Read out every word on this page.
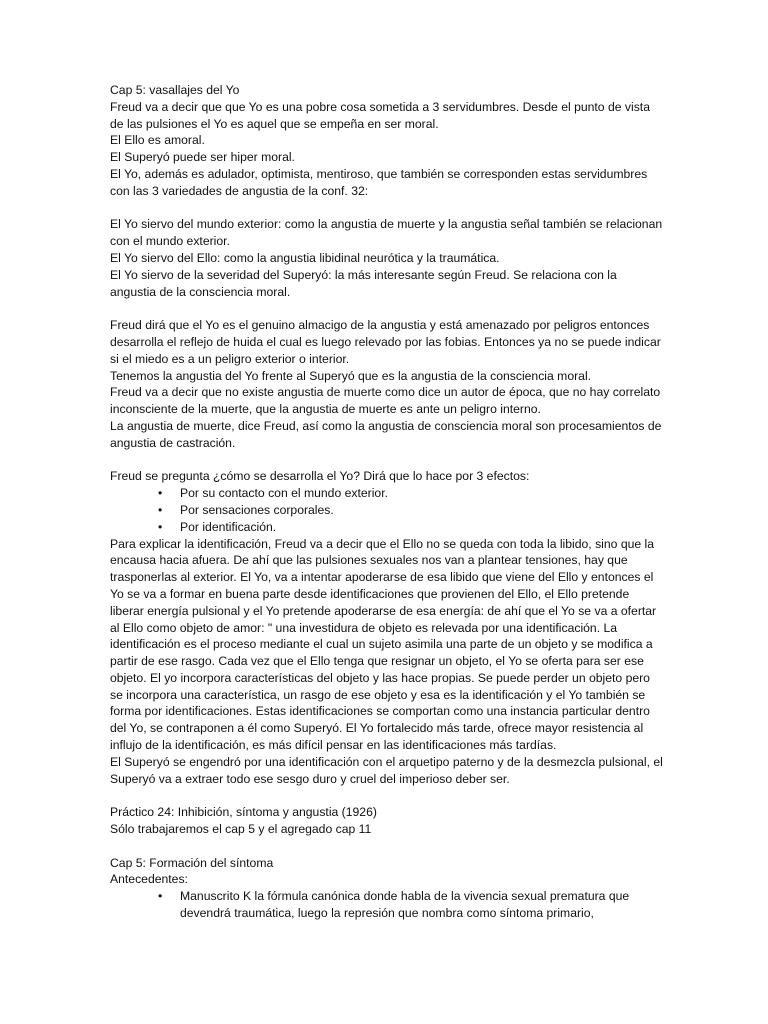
Cap 5: vasallajes del Yo

Freud va a decir que que Yo es una pobre cosa sometida a 3 servidumbres. Desde el punto de vista de las pulsiones el Yo es aquel que se empeña en ser moral.

El Ello es amoral.

El Superyó puede ser hiper moral.

El Yo, además es adulador, optimista, mentiroso, que también se corresponden estas servidumbres con las 3 variedades de angustia de la conf. 32:

El Yo siervo del mundo exterior: como la angustia de muerte y la angustia señal también se relacionan con el mundo exterior.

El Yo siervo del Ello: como la angustia libidinal neurótica y la traumática.

El Yo siervo de la severidad del Superyó: la más interesante según Freud. Se relaciona con la angustia de la consciencia moral.

Freud dirá que el Yo es el genuino almacigo de la angustia y está amenazado por peligros entonces desarrolla el reflejo de huida el cual es luego relevado por las fobias. Entonces ya no se puede indicar si el miedo es a un peligro exterior o interior.

Tenemos la angustia del Yo frente al Superyó que es la angustia de la consciencia moral.

Freud va a decir que no existe angustia de muerte como dice un autor de época, que no hay correlato inconsciente de la muerte, que la angustia de muerte es ante un peligro interno.

La angustia de muerte, dice Freud, así como la angustia de consciencia moral son procesamientos de angustia de castración.

Freud se pregunta ¿cómo se desarrolla el Yo? Dirá que lo hace por 3 efectos:

•
Por su contacto con el mundo exterior.
•
Por sensaciones corporales.
•
Por identificación.

Para explicar la identificación, Freud va a decir que el Ello no se queda con toda la libido, sino que la encausa hacia afuera. De ahí que las pulsiones sexuales nos van a plantear tensiones, hay que trasponerlas al exterior. El Yo, va a intentar apoderarse de esa libido que viene del Ello y entonces el Yo se va a formar en buena parte desde identificaciones que provienen del Ello, el Ello pretende liberar energía pulsional y el Yo pretende apoderarse de esa energía: de ahí que el Yo se va a ofertar al Ello como objeto de amor: " una investidura de objeto es relevada por una identificación. La identificación es el proceso mediante el cual un sujeto asimila una parte de un objeto y se modifica a partir de ese rasgo. Cada vez que el Ello tenga que resignar un objeto, el Yo se oferta para ser ese objeto. El yo incorpora características del objeto y las hace propias. Se puede perder un objeto pero se incorpora una característica, un rasgo de ese objeto y esa es la identificación y el Yo también se forma por identificaciones. Estas identificaciones se comportan como una instancia particular dentro del Yo, se contraponen a él como Superyó. El Yo fortalecido más tarde, ofrece mayor resistencia al influjo de la identificación, es más difícil pensar en las identificaciones más tardías.

El Superyó se engendró por una identificación con el arquetipo paterno y de la desmezcla pulsional, el Superyó va a extraer todo ese sesgo duro y cruel del imperioso deber ser.

Práctico 24: Inhibición, síntoma y angustia (1926)

Sólo trabajaremos el cap 5 y el agregado cap 11

Cap 5: Formación del síntoma

Antecedentes:

•
Manuscrito K la fórmula canónica donde habla de la vivencia sexual prematura que devendrá traumática, luego la represión que nombra como síntoma primario,
